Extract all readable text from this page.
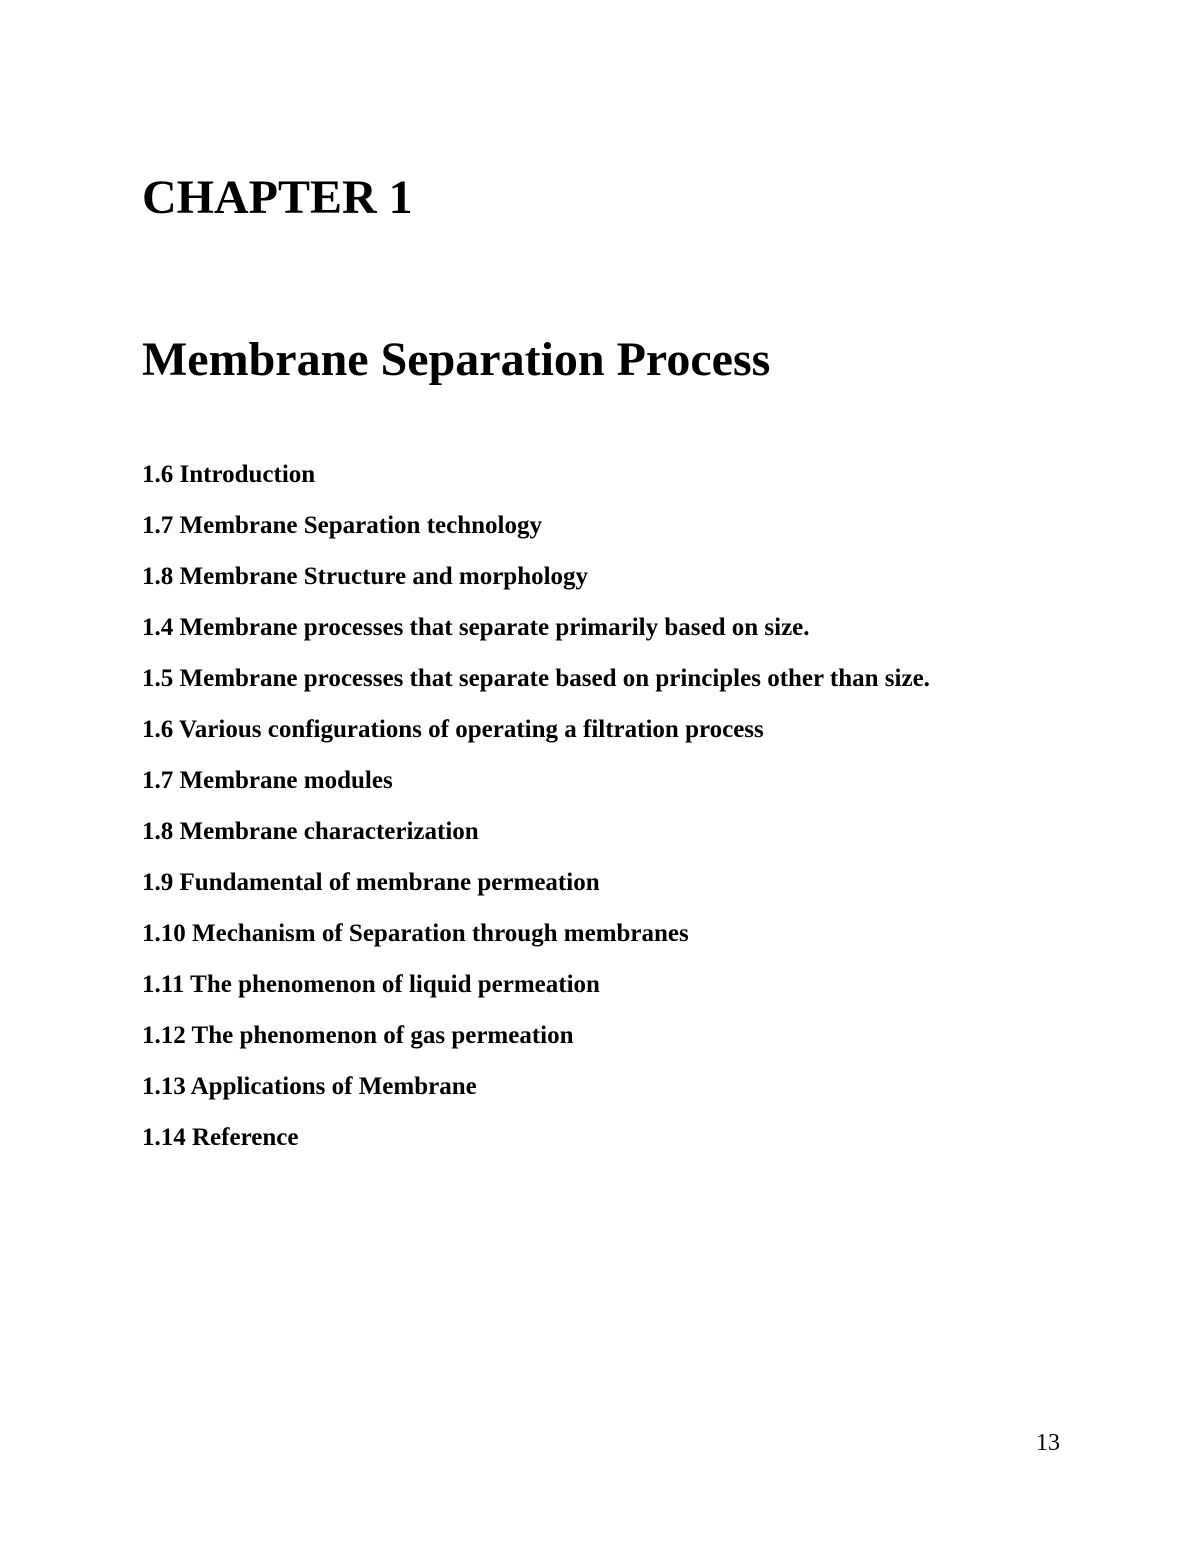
CHAPTER 1
Membrane Separation Process
1.6 Introduction
1.7 Membrane Separation technology
1.8 Membrane Structure and morphology
1.4 Membrane processes that separate primarily based on size.
1.5 Membrane processes that separate based on principles other than size.
1.6 Various configurations of operating a filtration process
1.7 Membrane modules
1.8 Membrane characterization
1.9 Fundamental of membrane permeation
1.10 Mechanism of Separation through membranes
1.11 The phenomenon of liquid permeation
1.12 The phenomenon of gas permeation
1.13 Applications of Membrane
1.14 Reference
13
